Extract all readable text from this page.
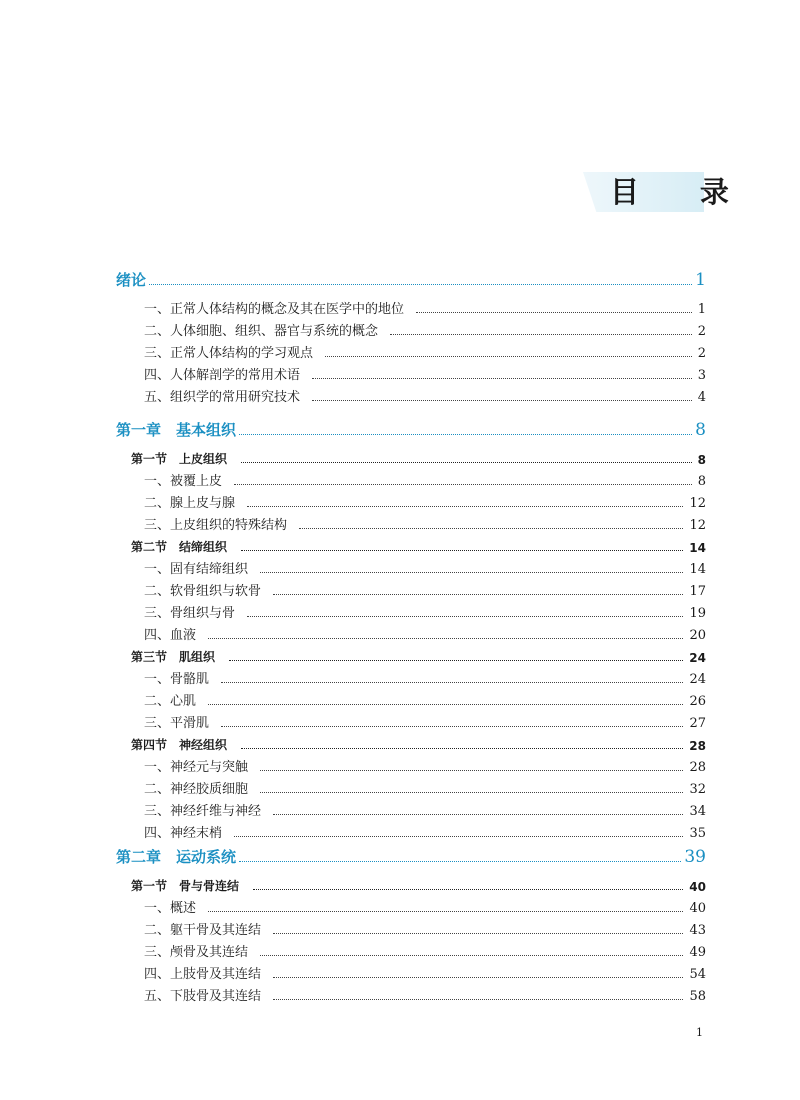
目　录
绪论	1
一、正常人体结构的概念及其在医学中的地位	1
二、人体细胞、组织、器官与系统的概念	2
三、正常人体结构的学习观点	2
四、人体解剖学的常用术语	3
五、组织学的常用研究技术	4
第一章　基本组织	8
第一节　上皮组织	8
一、被覆上皮	8
二、腺上皮与腺	12
三、上皮组织的特殊结构	12
第二节　结缔组织	14
一、固有结缔组织	14
二、软骨组织与软骨	17
三、骨组织与骨	19
四、血液	20
第三节　肌组织	24
一、骨骼肌	24
二、心肌	26
三、平滑肌	27
第四节　神经组织	28
一、神经元与突触	28
二、神经胶质细胞	32
三、神经纤维与神经	34
四、神经末梢	35
第二章　运动系统	39
第一节　骨与骨连结	40
一、概述	40
二、躯干骨及其连结	43
三、颅骨及其连结	49
四、上肢骨及其连结	54
五、下肢骨及其连结	58
1
